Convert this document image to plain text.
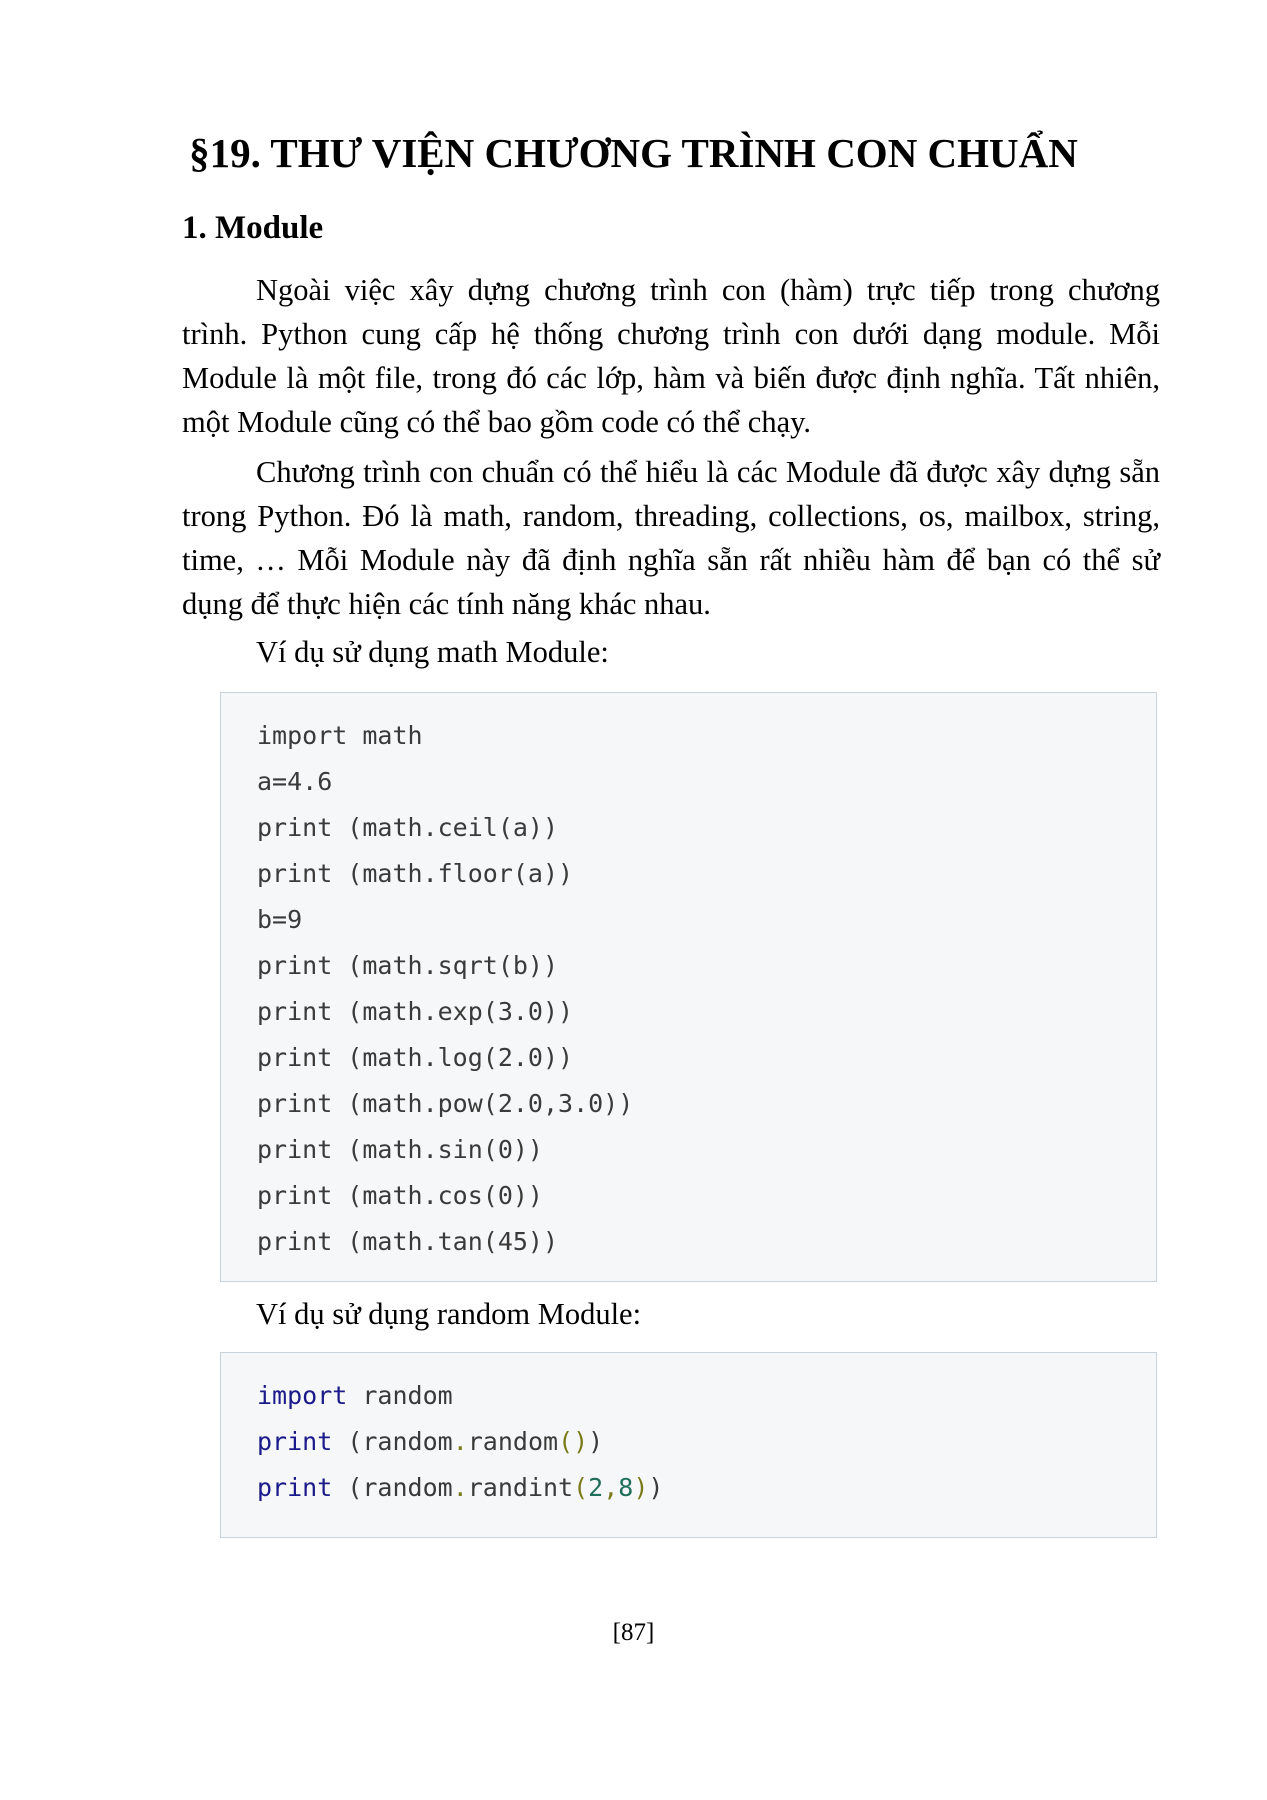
§19. THƯ VIỆN CHƯƠNG TRÌNH CON CHUẨN
1. Module

Ngoài việc xây dựng chương trình con (hàm) trực tiếp trong chương trình. Python cung cấp hệ thống chương trình con dưới dạng module. Mỗi Module là một file, trong đó các lớp, hàm và biến được định nghĩa. Tất nhiên, một Module cũng có thể bao gồm code có thể chạy.

Chương trình con chuẩn có thể hiểu là các Module đã được xây dựng sẵn trong Python. Đó là math, random, threading, collections, os, mailbox, string, time, … Mỗi Module này đã định nghĩa sẵn rất nhiều hàm để bạn có thể sử dụng để thực hiện các tính năng khác nhau.

Ví dụ sử dụng math Module:

import math
a=4.6
print (math.ceil(a))
print (math.floor(a))
b=9
print (math.sqrt(b))
print (math.exp(3.0))
print (math.log(2.0))
print (math.pow(2.0,3.0))
print (math.sin(0))
print (math.cos(0))
print (math.tan(45))

Ví dụ sử dụng random Module:

import random
print (random.random())
print (random.randint(2,8))

[87]
